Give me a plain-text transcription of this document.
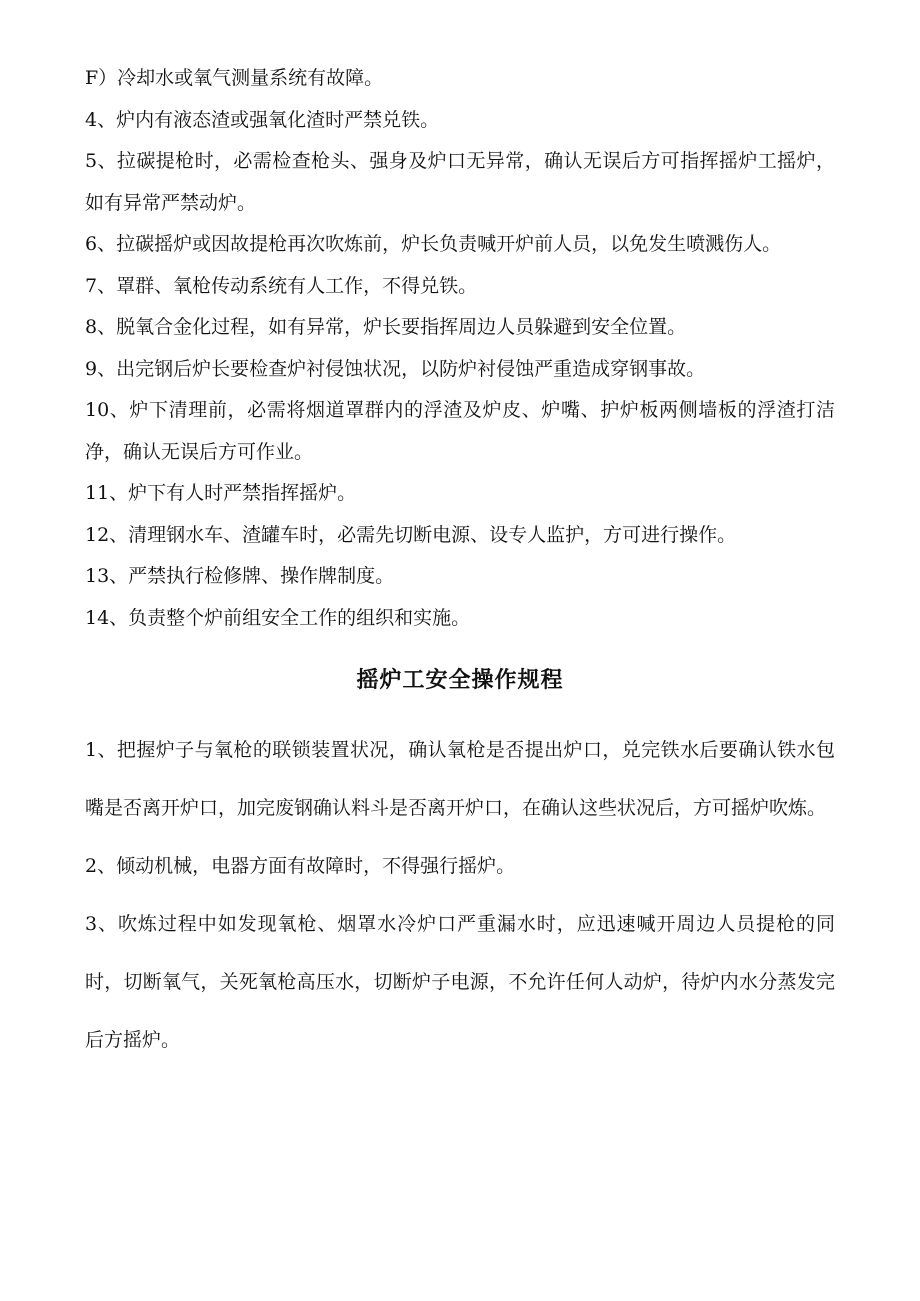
F）冷却水或氧气测量系统有故障。

4、炉内有液态渣或强氧化渣时严禁兑铁。

5、拉碳提枪时，必需检查枪头、强身及炉口无异常，确认无误后方可指挥摇炉工摇炉，如有异常严禁动炉。

6、拉碳摇炉或因故提枪再次吹炼前，炉长负责喊开炉前人员，以免发生喷溅伤人。

7、罩群、氧枪传动系统有人工作，不得兑铁。

8、脱氧合金化过程，如有异常，炉长要指挥周边人员躲避到安全位置。

9、出完钢后炉长要检查炉衬侵蚀状况，以防炉衬侵蚀严重造成穿钢事故。

10、炉下清理前，必需将烟道罩群内的浮渣及炉皮、炉嘴、护炉板两侧墙板的浮渣打洁净，确认无误后方可作业。

11、炉下有人时严禁指挥摇炉。

12、清理钢水车、渣罐车时，必需先切断电源、设专人监护，方可进行操作。

13、严禁执行检修牌、操作牌制度。

14、负责整个炉前组安全工作的组织和实施。

摇炉工安全操作规程

1、把握炉子与氧枪的联锁装置状况，确认氧枪是否提出炉口，兑完铁水后要确认铁水包嘴是否离开炉口，加完废钢确认料斗是否离开炉口，在确认这些状况后，方可摇炉吹炼。

2、倾动机械，电器方面有故障时，不得强行摇炉。

3、吹炼过程中如发现氧枪、烟罩水冷炉口严重漏水时，应迅速喊开周边人员提枪的同时，切断氧气，关死氧枪高压水，切断炉子电源，不允许任何人动炉，待炉内水分蒸发完后方摇炉。
